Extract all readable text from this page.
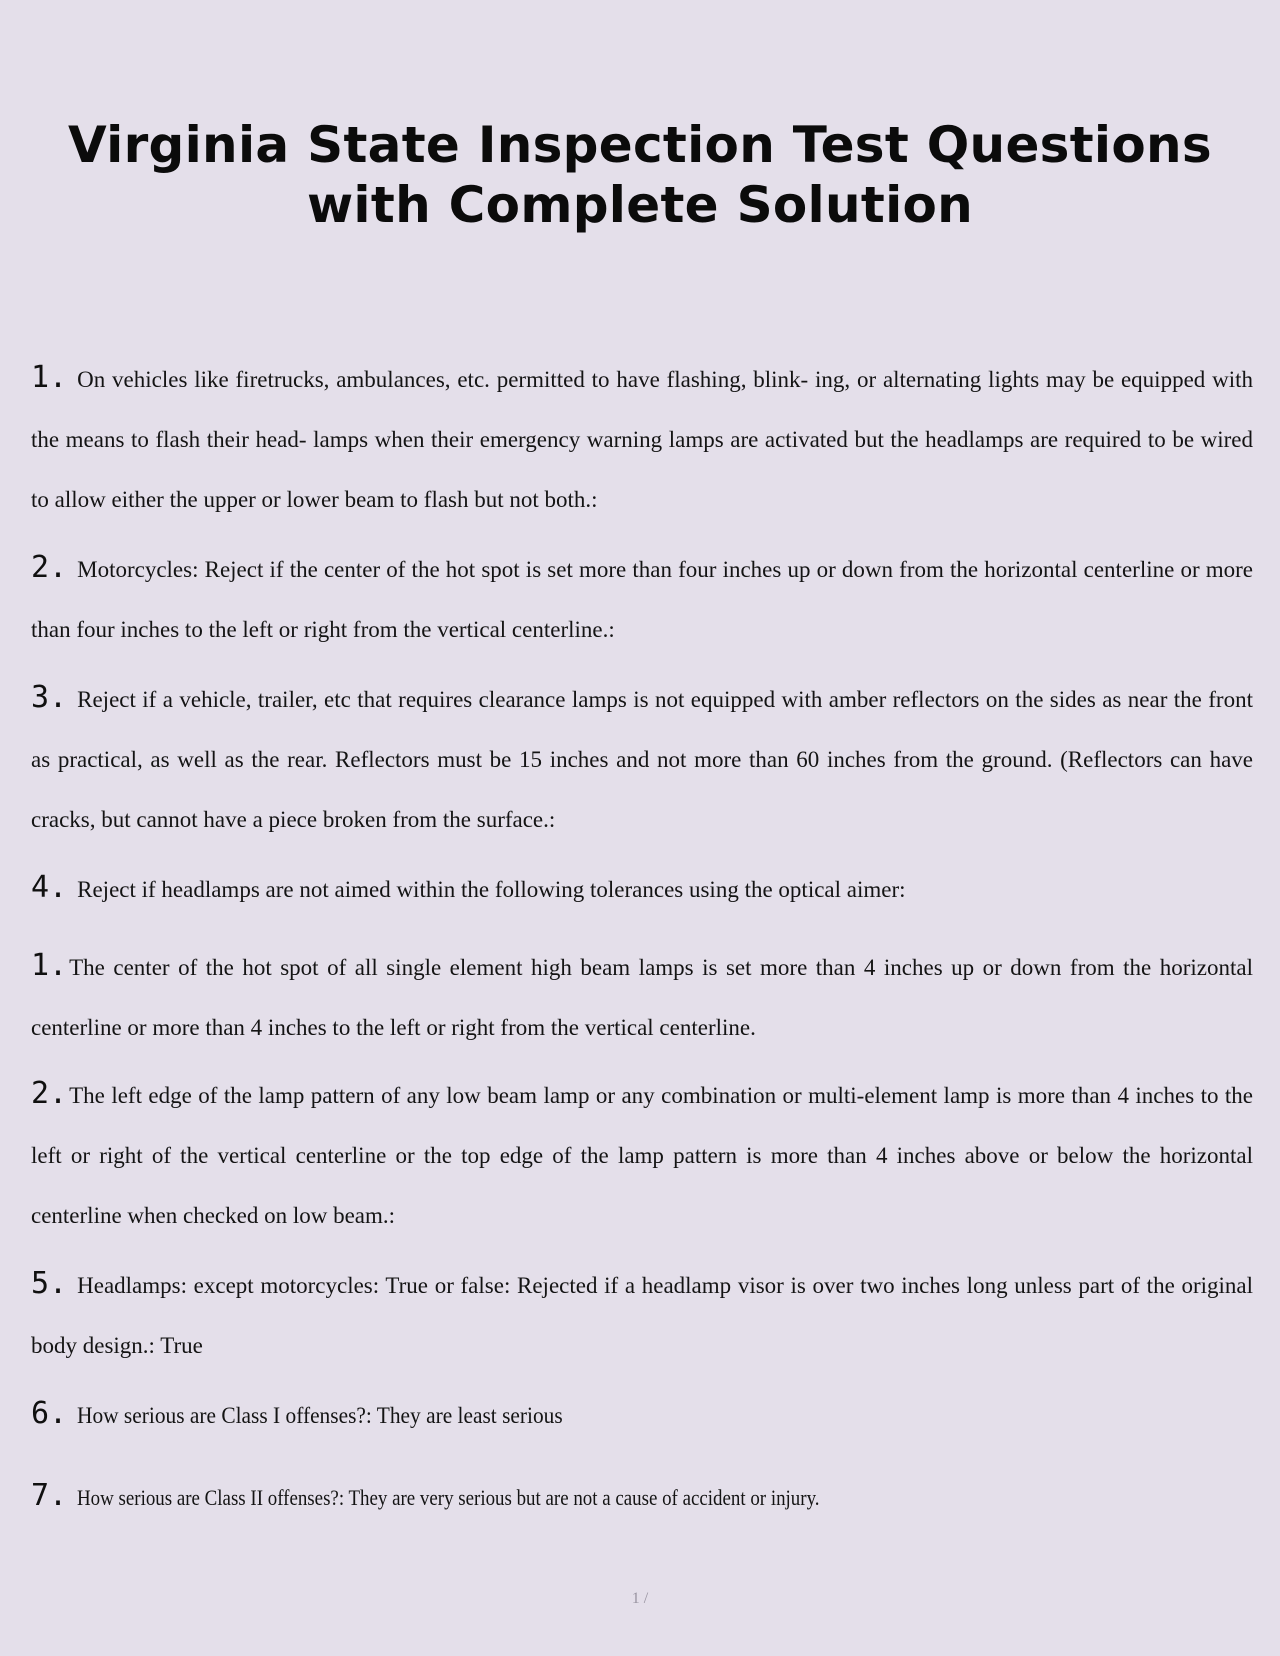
Virginia State Inspection Test Questions
with Complete Solution

1. On vehicles like firetrucks, ambulances, etc. permitted to have flashing, blink- ing, or alternating lights may be equipped with the means to flash their head- lamps when their emergency warning lamps are activated but the headlamps are required to be wired to allow either the upper or lower beam to flash but not both.:

2. Motorcycles: Reject if the center of the hot spot is set more than four inches up or down from the horizontal centerline or more than four inches to the left or right from the vertical centerline.:

3. Reject if a vehicle, trailer, etc that requires clearance lamps is not equipped with amber reflectors on the sides as near the front as practical, as well as the rear. Reflectors must be 15 inches and not more than 60 inches from the ground. (Reflectors can have cracks, but cannot have a piece broken from the surface.:

4. Reject if headlamps are not aimed within the following tolerances using the optical aimer:

1.The center of the hot spot of all single element high beam lamps is set more than 4 inches up or down from the horizontal centerline or more than 4 inches to the left or right from the vertical centerline.

2.The left edge of the lamp pattern of any low beam lamp or any combination or multi-element lamp is more than 4 inches to the left or right of the vertical centerline or the top edge of the lamp pattern is more than 4 inches above or below the horizontal centerline when checked on low beam.:

5. Headlamps: except motorcycles: True or false: Rejected if a headlamp visor is over two inches long unless part of the original body design.: True

6. How serious are Class I offenses?: They are least serious

7. How serious are Class II offenses?: They are very serious but are not a cause of accident or injury.

1 /
